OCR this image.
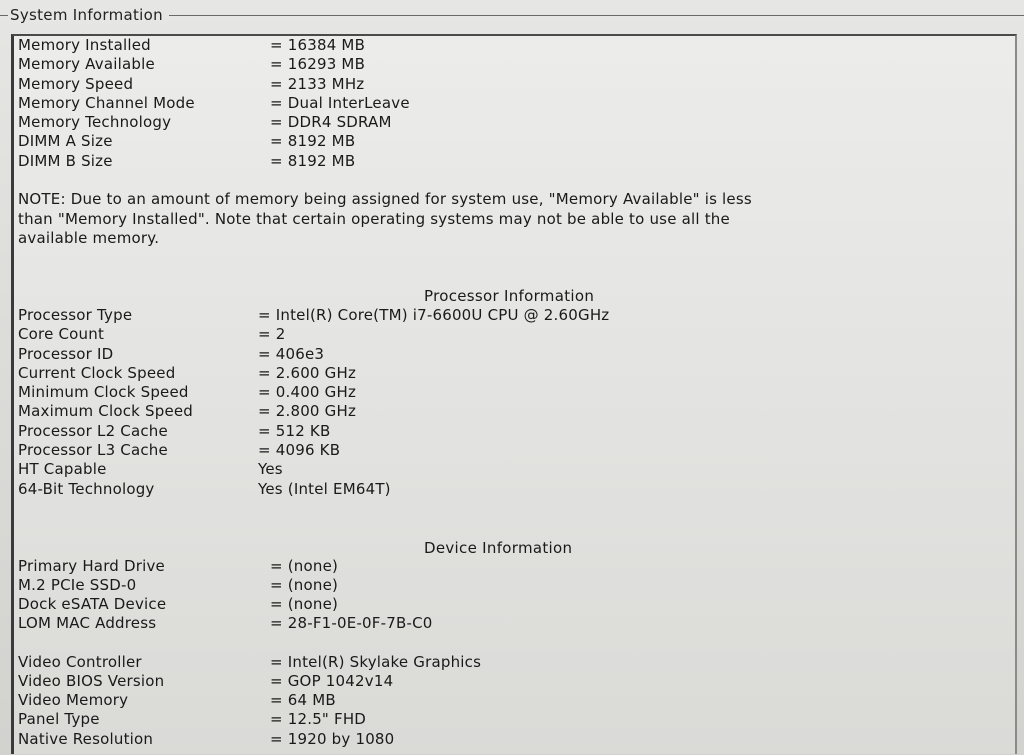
System Information
Memory Installed	= 16384 MB
Memory Available	= 16293 MB
Memory Speed	= 2133 MHz
Memory Channel Mode	= Dual InterLeave
Memory Technology	= DDR4 SDRAM
DIMM A Size	= 8192 MB
DIMM B Size	= 8192 MB
NOTE: Due to an amount of memory being assigned for system use, "Memory Available" is less
than "Memory Installed". Note that certain operating systems may not be able to use all the
available memory.
Processor Information
Processor Type	= Intel(R) Core(TM) i7-6600U CPU @ 2.60GHz
Core Count	= 2
Processor ID	= 406e3
Current Clock Speed	= 2.600 GHz
Minimum Clock Speed	= 0.400 GHz
Maximum Clock Speed	= 2.800 GHz
Processor L2 Cache	= 512 KB
Processor L3 Cache	= 4096 KB
HT Capable	Yes
64-Bit Technology	Yes (Intel EM64T)
Device Information
Primary Hard Drive	= (none)
M.2 PCIe SSD-0	= (none)
Dock eSATA Device	= (none)
LOM MAC Address	= 28-F1-0E-0F-7B-C0
Video Controller	= Intel(R) Skylake Graphics
Video BIOS Version	= GOP 1042v14
Video Memory	= 64 MB
Panel Type	= 12.5" FHD
Native Resolution	= 1920 by 1080
